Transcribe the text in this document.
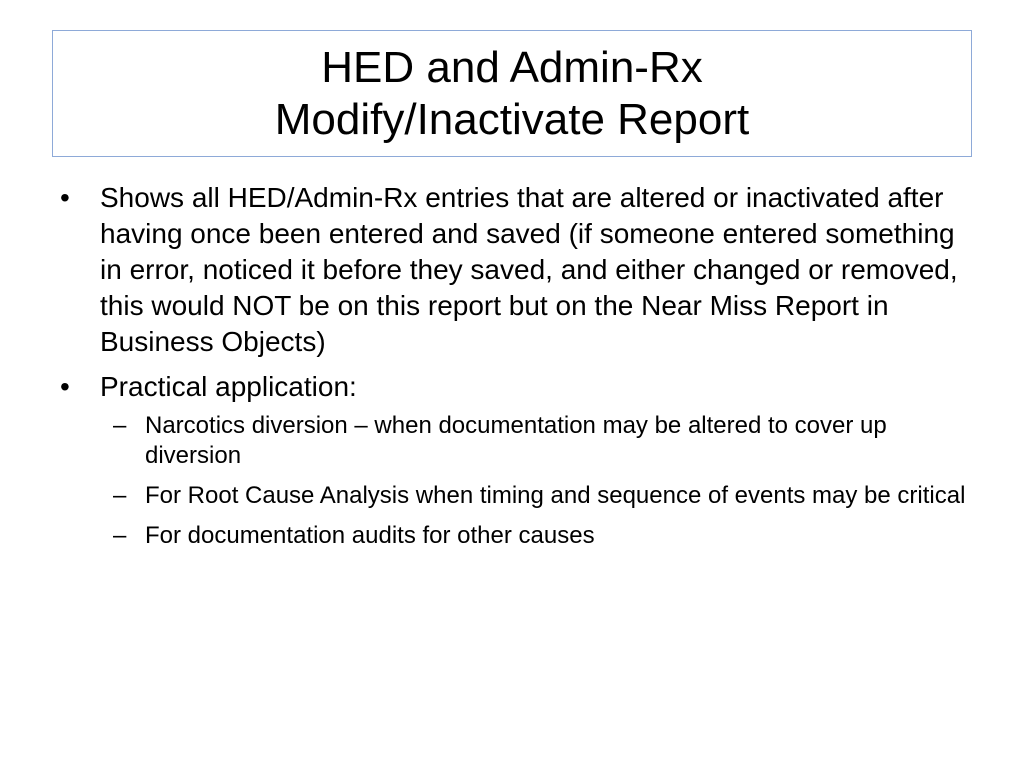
HED and Admin-Rx
Modify/Inactivate Report
•	Shows all HED/Admin-Rx entries that are altered or inactivated after having once been entered and saved (if someone entered something in error, noticed it before they saved, and either changed or removed, this would NOT be on this report but on the Near Miss Report in Business Objects)
•	Practical application:
– Narcotics diversion – when documentation may be altered to cover up diversion
– For Root Cause Analysis when timing and sequence of events may be critical
– For documentation audits for other causes
